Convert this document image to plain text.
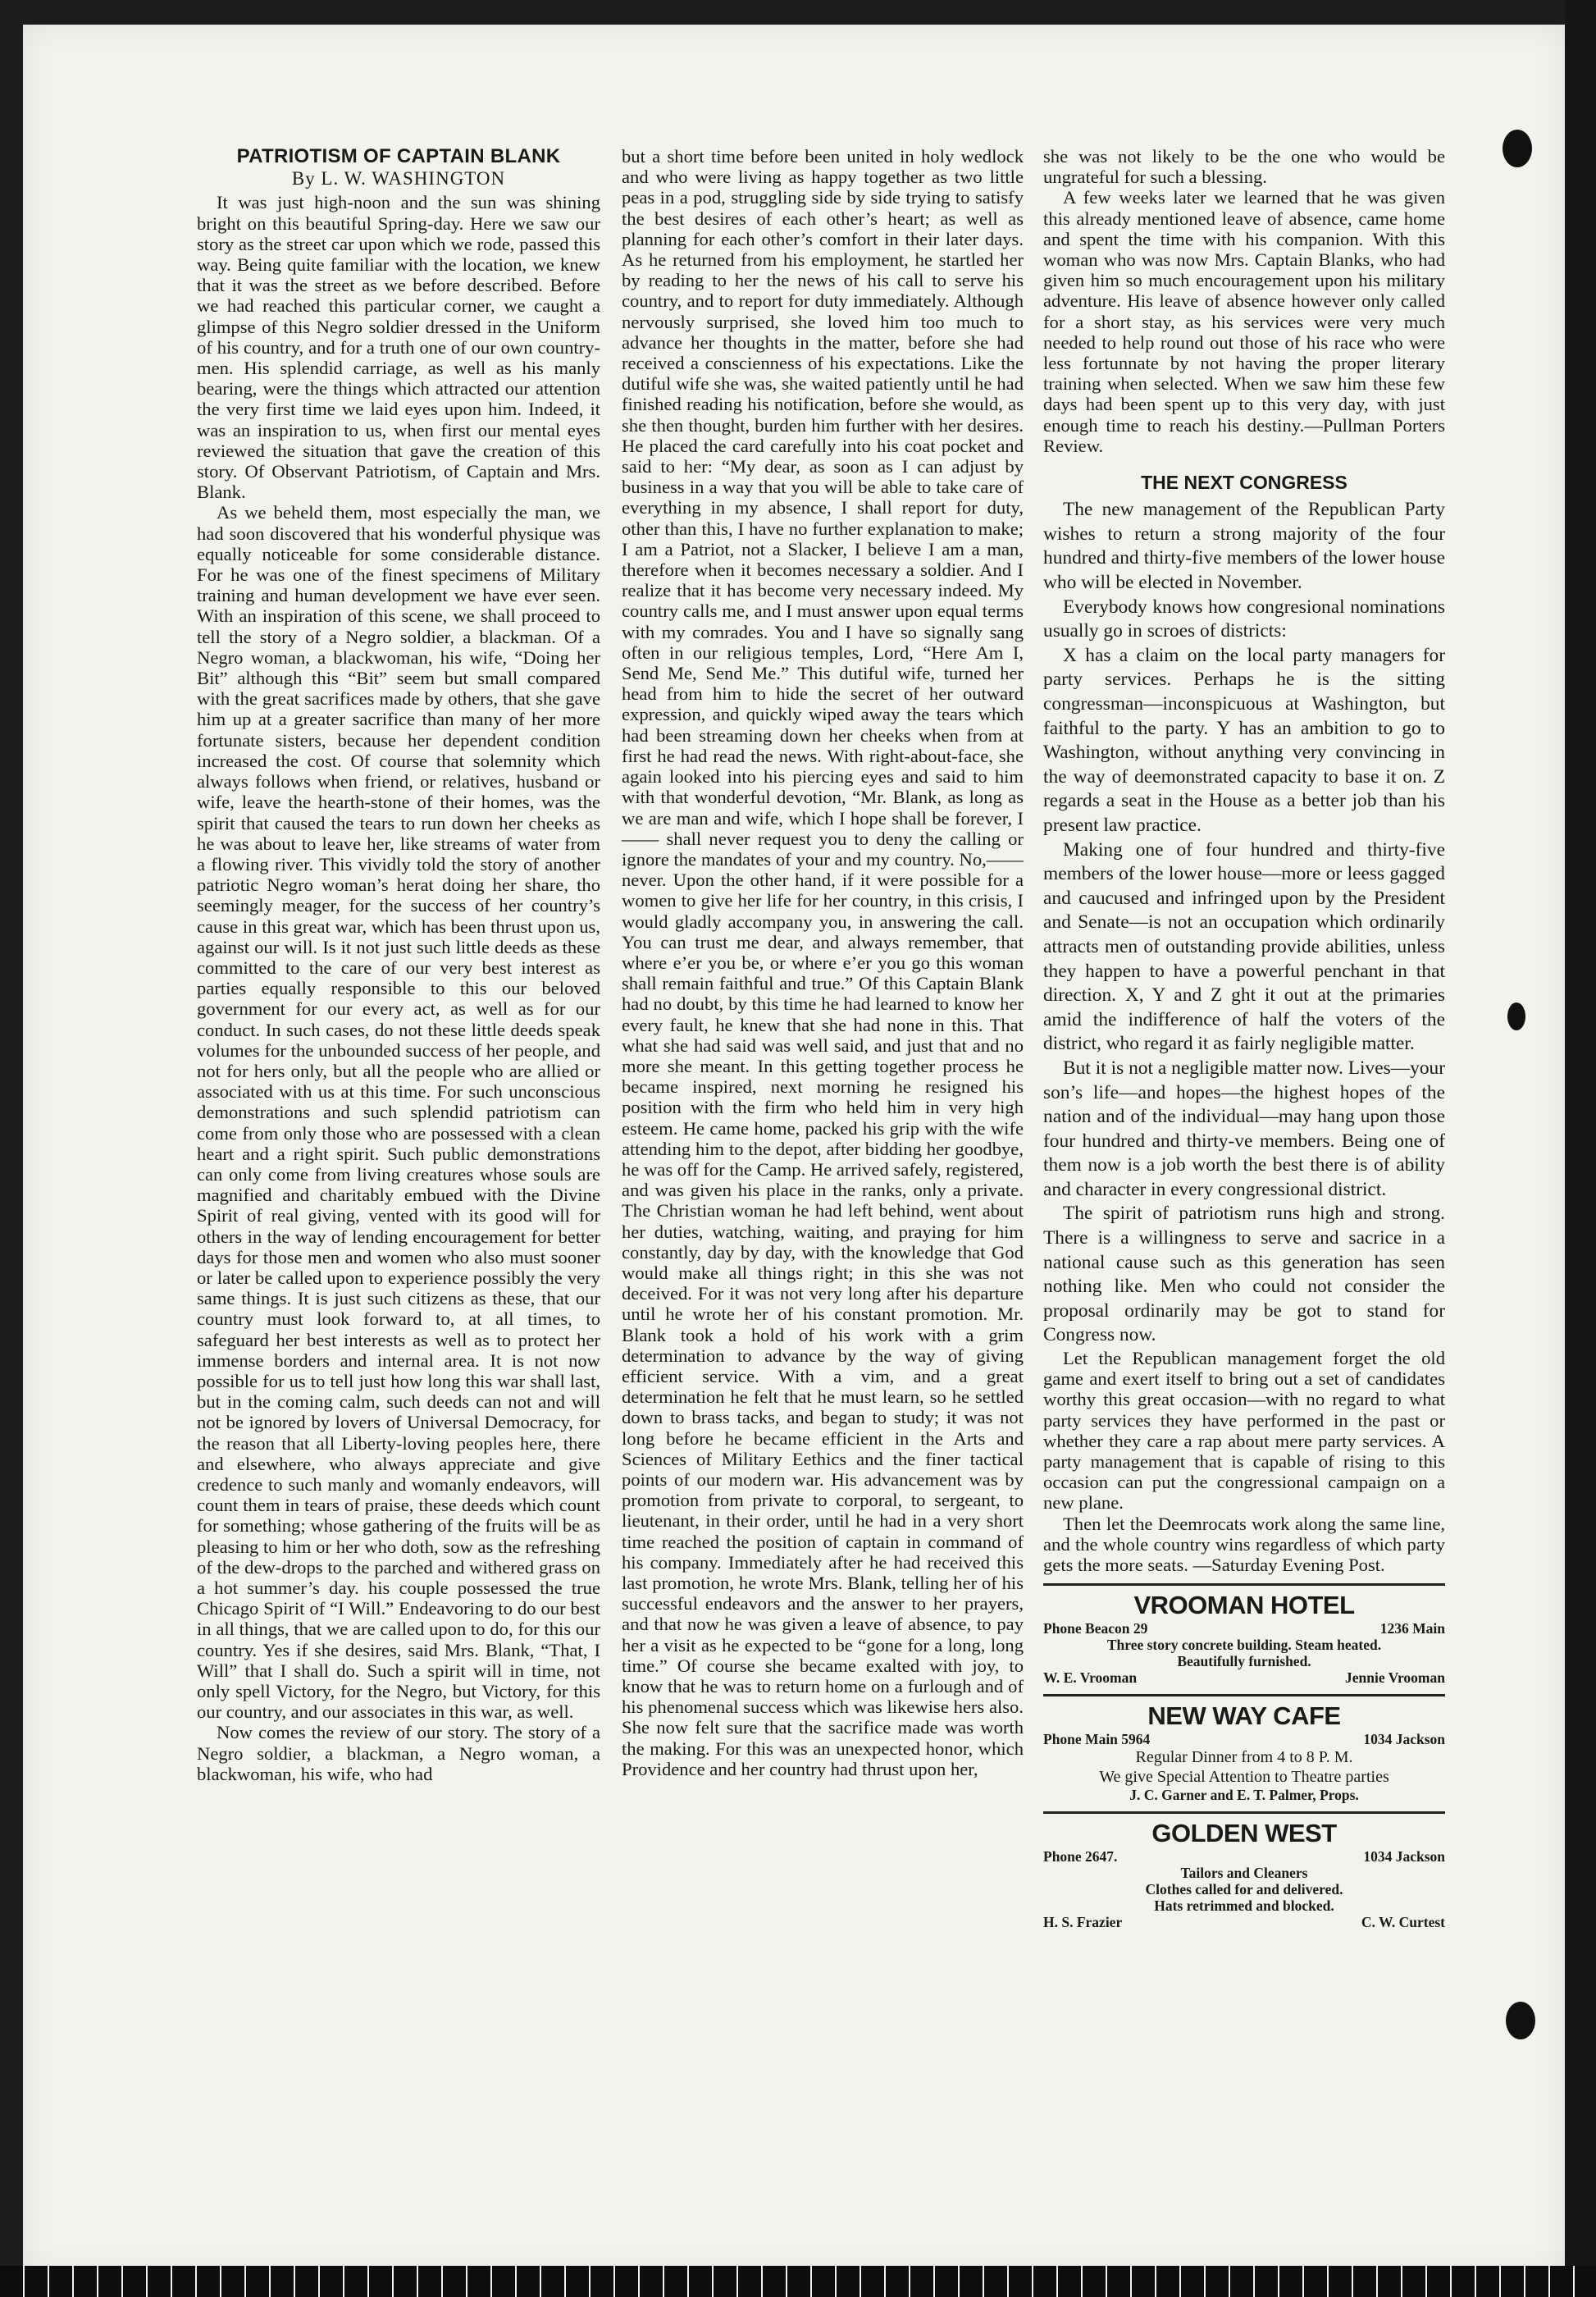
PATRIOTISM OF CAPTAIN BLANK
By L. W. WASHINGTON

It was just high-noon and the sun was shining bright on this beautiful Spring-day. Here we saw our story as the street car upon which we rode, passed this way. Being quite familiar with the location, we knew that it was the street as we before described. Before we had reached this particular corner, we caught a glimpse of this Negro soldier dressed in the Uniform of his country, and for a truth one of our own country-men. His splendid carriage, as well as his manly bearing, were the things which attracted our attention the very first time we laid eyes upon him. Indeed, it was an inspiration to us, when first our mental eyes reviewed the situation that gave the creation of this story. Of Observant Patriotism, of Captain and Mrs. Blank.

As we beheld them, most especially the man, we had soon discovered that his wonderful physique was equally noticeable for some considerable distance. For he was one of the finest specimens of Military training and human development we have ever seen. With an inspiration of this scene, we shall proceed to tell the story of a Negro soldier, a blackman. Of a Negro woman, a blackwoman, his wife, “Doing her Bit” although this “Bit” seem but small compared with the great sacrifices made by others, that she gave him up at a greater sacrifice than many of her more fortunate sisters, because her dependent condition increased the cost. Of course that solemnity which always follows when friend, or relatives, husband or wife, leave the hearth-stone of their homes, was the spirit that caused the tears to run down her cheeks as he was about to leave her, like streams of water from a flowing river. This vividly told the story of another patriotic Negro woman’s herat doing her share, tho seemingly meager, for the success of her country’s cause in this great war, which has been thrust upon us, against our will. Is it not just such little deeds as these committed to the care of our very best interest as parties equally responsible to this our beloved government for our every act, as well as for our conduct. In such cases, do not these little deeds speak volumes for the unbounded success of her people, and not for hers only, but all the people who are allied or associated with us at this time. For such unconscious demonstrations and such splendid patriotism can come from only those who are possessed with a clean heart and a right spirit. Such public demonstrations can only come from living creatures whose souls are magnified and charitably embued with the Divine Spirit of real giving, vented with its good will for others in the way of lending encouragement for better days for those men and women who also must sooner or later be called upon to experience possibly the very same things. It is just such citizens as these, that our country must look forward to, at all times, to safeguard her best interests as well as to protect her immense borders and internal area. It is not now possible for us to tell just how long this war shall last, but in the coming calm, such deeds can not and will not be ignored by lovers of Universal Democracy, for the reason that all Liberty-loving peoples here, there and elsewhere, who always appreciate and give credence to such manly and womanly endeavors, will count them in tears of praise, these deeds which count for something; whose gathering of the fruits will be as pleasing to him or her who doth, sow as the refreshing of the dew-drops to the parched and withered grass on a hot summer’s day. his couple possessed the true Chicago Spirit of “I Will.” Endeavoring to do our best in all things, that we are called upon to do, for this our country. Yes if she desires, said Mrs. Blank, “That, I Will” that I shall do. Such a spirit will in time, not only spell Victory, for the Negro, but Victory, for this our country, and our associates in this war, as well.

Now comes the review of our story. The story of a Negro soldier, a blackman, a Negro woman, a blackwoman, his wife, who had

but a short time before been united in holy wedlock and who were living as happy together as two little peas in a pod, struggling side by side trying to satisfy the best desires of each other’s heart; as well as planning for each other’s comfort in their later days. As he returned from his employment, he startled her by reading to her the news of his call to serve his country, and to report for duty immediately. Although nervously surprised, she loved him too much to advance her thoughts in the matter, before she had received a conscienness of his expectations. Like the dutiful wife she was, she waited patiently until he had finished reading his notification, before she would, as she then thought, burden him further with her desires. He placed the card carefully into his coat pocket and said to her: “My dear, as soon as I can adjust by business in a way that you will be able to take care of everything in my absence, I shall report for duty, other than this, I have no further explanation to make; I am a Patriot, not a Slacker, I believe I am a man, therefore when it becomes necessary a soldier. And I realize that it has become very necessary indeed. My country calls me, and I must answer upon equal terms with my comrades. You and I have so signally sang often in our religious temples, Lord, “Here Am I, Send Me, Send Me.” This dutiful wife, turned her head from him to hide the secret of her outward expression, and quickly wiped away the tears which had been streaming down her cheeks when from at first he had read the news. With right-about-face, she again looked into his piercing eyes and said to him with that wonderful devotion, “Mr. Blank, as long as we are man and wife, which I hope shall be forever, I—— shall never request you to deny the calling or ignore the mandates of your and my country. No,—— never. Upon the other hand, if it were possible for a women to give her life for her country, in this crisis, I would gladly accompany you, in answering the call. You can trust me dear, and always remember, that where e’er you be, or where e’er you go this woman shall remain faithful and true.” Of this Captain Blank had no doubt, by this time he had learned to know her every fault, he knew that she had none in this. That what she had said was well said, and just that and no more she meant. In this getting together process he became inspired, next morning he resigned his position with the firm who held him in very high esteem. He came home, packed his grip with the wife attending him to the depot, after bidding her goodbye, he was off for the Camp. He arrived safely, registered, and was given his place in the ranks, only a private. The Christian woman he had left behind, went about her duties, watching, waiting, and praying for him constantly, day by day, with the knowledge that God would make all things right; in this she was not deceived. For it was not very long after his departure until he wrote her of his constant promotion. Mr. Blank took a hold of his work with a grim determination to advance by the way of giving efficient service. With a vim, and a great determination he felt that he must learn, so he settled down to brass tacks, and began to study; it was not long before he became efficient in the Arts and Sciences of Military Eethics and the finer tactical points of our modern war. His advancement was by promotion from private to corporal, to sergeant, to lieutenant, in their order, until he had in a very short time reached the position of captain in command of his company. Immediately after he had received this last promotion, he wrote Mrs. Blank, telling her of his successful endeavors and the answer to her prayers, and that now he was given a leave of absence, to pay her a visit as he expected to be “gone for a long, long time.” Of course she became exalted with joy, to know that he was to return home on a furlough and of his phenomenal success which was likewise hers also. She now felt sure that the sacrifice made was worth the making. For this was an unexpected honor, which Providence and her country had thrust upon her,

she was not likely to be the one who would be ungrateful for such a blessing.

A few weeks later we learned that he was given this already mentioned leave of absence, came home and spent the time with his companion. With this woman who was now Mrs. Captain Blanks, who had given him so much encouragement upon his military adventure. His leave of absence however only called for a short stay, as his services were very much needed to help round out those of his race who were less fortunnate by not having the proper literary training when selected. When we saw him these few days had been spent up to this very day, with just enough time to reach his destiny.—Pullman Porters Review.

THE NEXT CONGRESS

The new management of the Republican Party wishes to return a strong majority of the four hundred and thirty-five members of the lower house who will be elected in November.

Everybody knows how congresional nominations usually go in scroes of districts:

X has a claim on the local party managers for party services. Perhaps he is the sitting congressman—inconspicuous at Washington, but faithful to the party. Y has an ambition to go to Washington, without anything very convincing in the way of deemonstrated capacity to base it on. Z regards a seat in the House as a better job than his present law practice.

Making one of four hundred and thirty-five members of the lower house—more or leess gagged and caucused and infringed upon by the President and Senate—is not an occupation which ordinarily attracts men of outstanding provide abilities, unless they happen to have a powerful penchant in that direction. X, Y and Z ght it out at the primaries amid the indifference of half the voters of the district, who regard it as fairly negligible matter.

But it is not a negligible matter now. Lives—your son’s life—and hopes—the highest hopes of the nation and of the individual—may hang upon those four hundred and thirty-ve members. Being one of them now is a job worth the best there is of ability and character in every congressional district.

The spirit of patriotism runs high and strong. There is a willingness to serve and sacrice in a national cause such as this generation has seen nothing like. Men who could not consider the proposal ordinarily may be got to stand for Congress now.

Let the Republican management forget the old game and exert itself to bring out a set of candidates worthy this great occasion—with no regard to what party services they have performed in the past or whether they care a rap about mere party services. A party management that is capable of rising to this occasion can put the congressional campaign on a new plane.

Then let the Deemrocats work along the same line, and the whole country wins regardless of which party gets the more seats. —Saturday Evening Post.

VROOMAN HOTEL
Phone Beacon 29	1236 Main
Three story concrete building. Steam heated.
Beautifully furnished.
W. E. Vrooman	Jennie Vrooman
NEW WAY CAFE
Phone Main 5964	1034 Jackson
Regular Dinner from 4 to 8 P. M.
We give Special Attention to Theatre parties
J. C. Garner and E. T. Palmer, Props.
GOLDEN WEST
Phone 2647.	1034 Jackson
Tailors and Cleaners
Clothes called for and delivered.
Hats retrimmed and blocked.
H. S. Frazier	C. W. Curtest
